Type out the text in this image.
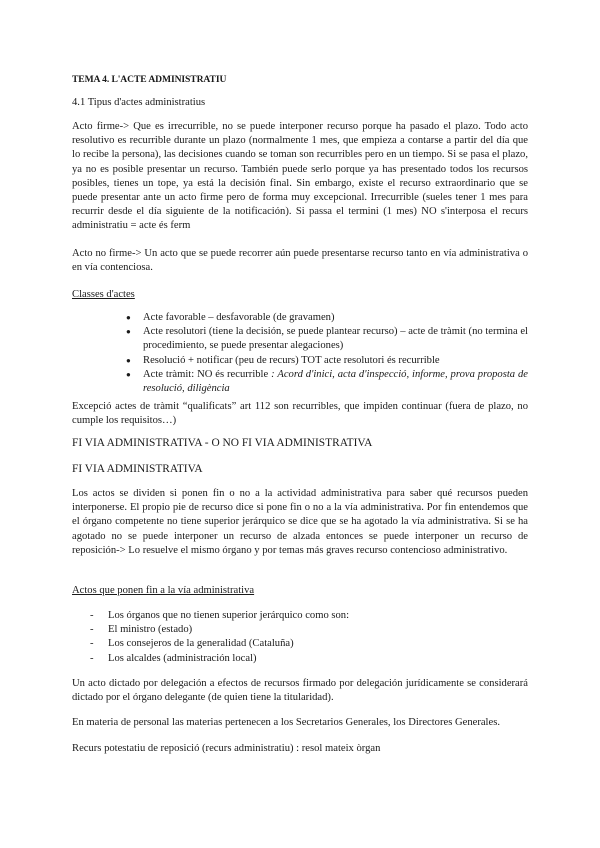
TEMA 4. L'ACTE ADMINISTRATIU

4.1 Tipus d'actes administratius

Acto firme-> Que es irrecurrible, no se puede interponer recurso porque ha pasado el plazo. Todo acto resolutivo es recurrible durante un plazo (normalmente 1 mes, que empieza a contarse a partir del día que lo recibe la persona), las decisiones cuando se toman son recurribles pero en un tiempo. Si se pasa el plazo, ya no es posible presentar un recurso. También puede serlo porque ya has presentado todos los recursos posibles, tienes un tope, ya está la decisión final. Sin embargo, existe el recurso extraordinario que se puede presentar ante un acto firme pero de forma muy excepcional. Irrecurrible (sueles tener 1 mes para recurrir desde el día siguiente de la notificación). Si passa el termini (1 mes) NO s'interposa el recurs administratiu = acte és ferm

Acto no firme-> Un acto que se puede recorrer aún puede presentarse recurso tanto en vía administrativa o en vía contenciosa.

Classes d'actes

● Acte favorable – desfavorable (de gravamen)
● Acte resolutori (tiene la decisión, se puede plantear recurso) – acte de tràmit (no termina el procedimiento, se puede presentar alegaciones)
● Resolució + notificar (peu de recurs) TOT acte resolutori és recurrible
● Acte tràmit: NO és recurrible : Acord d'inici, acta d'inspecció, informe, prova proposta de resolució, diligència

Excepció actes de tràmit “qualificats” art 112 son recurribles, que impiden continuar (fuera de plazo, no cumple los requisitos…)

FI VIA ADMINISTRATIVA - O NO FI VIA ADMINISTRATIVA

FI VIA ADMINISTRATIVA

Los actos se dividen si ponen fin o no a la actividad administrativa para saber qué recursos pueden interponerse. El propio pie de recurso dice si pone fin o no a la vía administrativa. Por fin entendemos que el órgano competente no tiene superior jerárquico se dice que se ha agotado la vía administrativa. Si se ha agotado no se puede interponer un recurso de alzada entonces se puede interponer un recurso de reposición-> Lo resuelve el mismo órgano y por temas más graves recurso contencioso administrativo.

Actos que ponen fin a la vía administrativa

- Los órganos que no tienen superior jerárquico como son:
- El ministro (estado)
- Los consejeros de la generalidad (Cataluña)
- Los alcaldes (administración local)

Un acto dictado por delegación a efectos de recursos firmado por delegación jurídicamente se considerará dictado por el órgano delegante (de quien tiene la titularidad).

En materia de personal las materias pertenecen a los Secretarios Generales, los Directores Generales.

Recurs potestatiu de reposició (recurs administratiu) : resol mateix òrgan
